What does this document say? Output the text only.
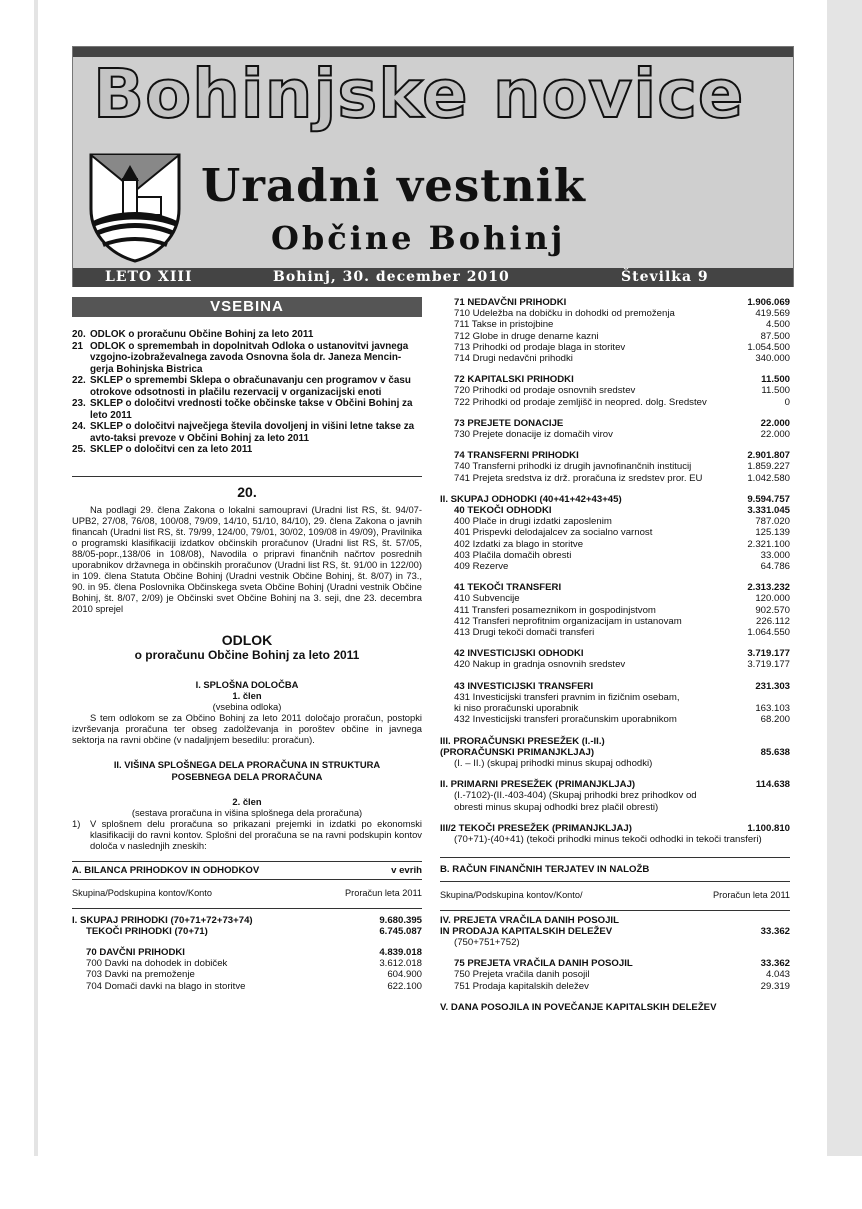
Bohinjske novice
Uradni vestnik
Občine Bohinj
LETO XIII	Bohinj, 30. december 2010	Številka 9
VSEBINA
20. ODLOK o proračunu Občine Bohinj za leto 2011
21 ODLOK o spremembah in dopolnitvah Odloka o ustanovitvi javnega vzgojno-izobraževalnega zavoda Osnovna šola dr. Janeza Mencin-gerja Bohinjska Bistrica
22. SKLEP o spremembi Sklepa o obračunavanju cen programov v času otrokove odsotnosti in plačilu rezervacij v organizacijski enoti
23. SKLEP o določitvi vrednosti točke občinske takse v Občini Bohinj za leto 2011
24. SKLEP o določitvi največjega števila dovoljenj in višini letne takse za avto-taksi prevoze v Občini Bohinj za leto 2011
25. SKLEP o določitvi cen za leto 2011
20.
Na podlagi 29. člena Zakona o lokalni samoupravi (Uradni list RS, št. 94/07-UPB2, 27/08, 76/08, 100/08, 79/09, 14/10, 51/10, 84/10), 29. člena Zakona o javnih financah (Uradni list RS, št. 79/99, 124/00, 79/01, 30/02, 109/08 in 49/09), Pravilnika o programski klasifikaciji izdatkov občinskih proračunov (Uradni list RS, št. 57/05, 88/05-popr.,138/06 in 108/08), Navodila o pripravi finančnih načrtov posrednih uporabnikov državnega in občinskih proračunov (Uradni list RS, št. 91/00 in 122/00) in 109. člena Statuta Občine Bohinj (Uradni vestnik Občine Bohinj, št. 8/07) in 73., 90. in 95. člena Poslovnika Občinskega sveta Občine Bohinj (Uradni vestnik Občine Bohinj, št. 8/07, 2/09) je Občinski svet Občine Bohinj na 3. seji, dne 23. decembra 2010 sprejel
ODLOK
o proračunu Občine Bohinj za leto 2011
I. SPLOŠNA DOLOČBA
1. člen
(vsebina odloka)
S tem odlokom se za Občino Bohinj za leto 2011 določajo proračun, postopki izvrševanja proračuna ter obseg zadolževanja in poroštev občine in javnega sektorja na ravni občine (v nadaljnjem besedilu: proračun).
II. VIŠINA SPLOŠNEGA DELA PRORAČUNA IN STRUKTURA POSEBNEGA DELA PRORAČUNA
2. člen
(sestava proračuna in višina splošnega dela proračuna)
1)	V splošnem delu proračuna so prikazani prejemki in izdatki po ekonomski klasifikaciji do ravni kontov. Splošni del proračuna se na ravni podskupin kontov določa v naslednjih zneskih:
A. BILANCA PRIHODKOV IN ODHODKOV	v evrih
Skupina/Podskupina kontov/Konto	Proračun leta 2011
I. SKUPAJ PRIHODKI (70+71+72+73+74)	9.680.395
TEKOČI PRIHODKI (70+71)	6.745.087
70 DAVČNI PRIHODKI	4.839.018
700 Davki na dohodek in dobiček	3.612.018
703 Davki na premoženje	604.900
704 Domači davki na blago in storitve	622.100
71 NEDAVČNI PRIHODKI	1.906.069
710 Udeležba na dobičku in dohodki od premoženja	419.569
711 Takse in pristojbine	4.500
712 Globe in druge denarne kazni	87.500
713 Prihodki od prodaje blaga in storitev	1.054.500
714 Drugi nedavčni prihodki	340.000
72 KAPITALSKI PRIHODKI	11.500
720 Prihodki od prodaje osnovnih sredstev	11.500
722 Prihodki od prodaje zemljišč in neopred. dolg. Sredstev	0
73 PREJETE DONACIJE	22.000
730 Prejete donacije iz domačih virov	22.000
74 TRANSFERNI PRIHODKI	2.901.807
740 Transferni prihodki iz drugih javnofinančnih institucij	1.859.227
741 Prejeta sredstva iz drž. proračuna iz sredstev pror. EU	1.042.580
II. SKUPAJ ODHODKI (40+41+42+43+45)	9.594.757
40 TEKOČI ODHODKI	3.331.045
400 Plače in drugi izdatki zaposlenim	787.020
401 Prispevki delodajalcev za socialno varnost	125.139
402 Izdatki za blago in storitve	2.321.100
403 Plačila domačih obresti	33.000
409 Rezerve	64.786
41 TEKOČI TRANSFERI	2.313.232
410 Subvencije	120.000
411 Transferi posameznikom in gospodinjstvom	902.570
412 Transferi neprofitnim organizacijam in ustanovam	226.112
413 Drugi tekoči domači transferi	1.064.550
42 INVESTICIJSKI ODHODKI	3.719.177
420 Nakup in gradnja osnovnih sredstev	3.719.177
43 INVESTICIJSKI TRANSFERI	231.303
431 Investicijski transferi pravnim in fizičnim osebam,
ki niso proračunski uporabnik	163.103
432 Investicijski transferi proračunskim uporabnikom	68.200
III. PRORAČUNSKI PRESEŽEK (I.-II.)
(PRORAČUNSKI PRIMANJKLJAJ)	85.638
(I. – II.) (skupaj prihodki minus skupaj odhodki)
II. PRIMARNI PRESEŽEK (PRIMANJKLJAJ)	114.638
(I.-7102)-(II.-403-404) (Skupaj prihodki brez prihodkov od
obresti minus skupaj odhodki brez plačil obresti)
III/2 TEKOČI PRESEŽEK (PRIMANJKLJAJ)	1.100.810
(70+71)-(40+41) (tekoči prihodki minus tekoči odhodki in tekoči transferi)
B. RAČUN FINANČNIH TERJATEV IN NALOŽB
Skupina/Podskupina kontov/Konto/	Proračun leta 2011
IV. PREJETA VRAČILA DANIH POSOJIL
IN PRODAJA KAPITALSKIH DELEŽEV	33.362
(750+751+752)
75 PREJETA VRAČILA DANIH POSOJIL	33.362
750 Prejeta vračila danih posojil	4.043
751 Prodaja kapitalskih deležev	29.319
V. DANA POSOJILA IN POVEČANJE KAPITALSKIH DELEŽEV
